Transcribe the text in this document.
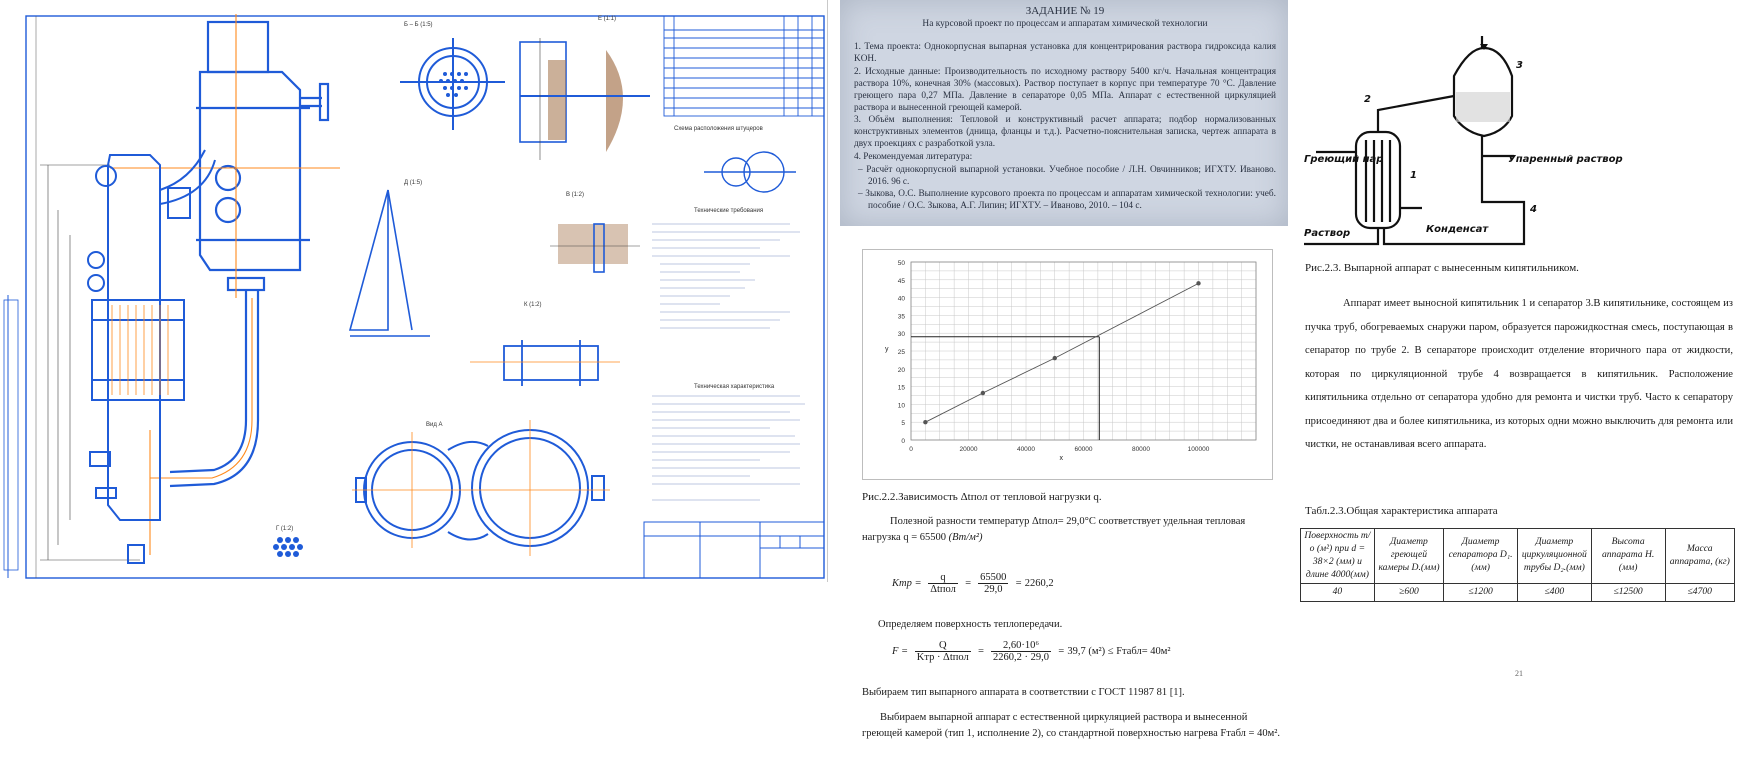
Б – Б (1:5)
Е (1:1)
Д (1:5)
В (1:2)
К (1:2)
Вид А
Г (1:2)
Технические требования
Техническая характеристика
Схема расположения штуцеров
ЗАДАНИЕ № 19
На курсовой проект по процессам и аппаратам химической технологии

1. Тема проекта: Однокорпусная выпарная установка для концентрирования раствора гидроксида калия KOH.

2. Исходные данные: Производительность по исходному раствору 5400 кг/ч. Начальная концентрация раствора 10%, конечная 30% (массовых). Раствор поступает в корпус при температуре 70 °C. Давление греющего пара 0,27 МПа. Давление в сепараторе 0,05 МПа. Аппарат с естественной циркуляцией раствора и вынесенной греющей камерой.

3. Объём выполнения: Тепловой и конструктивный расчет аппарата; подбор нормализованных конструктивных элементов (днища, фланцы и т.д.). Расчетно-пояснительная записка, чертеж аппарата в двух проекциях с разработкой узла.

4. Рекомендуемая литература:

– Расчёт однокорпусной выпарной установки. Учебное пособие / Л.Н. Овчинников; ИГХТУ. Иваново. 2016. 96 с.

– Зыкова, О.С. Выполнение курсового проекта по процессам и аппаратам химической технологии: учеб. пособие / О.С. Зыкова, А.Г. Липин; ИГХТУ. – Иваново, 2010. – 104 с.

0
5
10
15
20
25
30
35
40
45
50
0	20000	40000	60000	80000	100000
x
y
Рис.2.2.Зависимость Δtпол от тепловой нагрузки q.
Полезной разности температур Δtпол= 29,0°C соответствует удельная тепловая нагрузка q = 65500 (Вт/м²)
Kтр = $\frac{q}{\text{Δtпол}} = \frac{65500}{29,0} = 2260,2$
Определяем поверхность теплопередачи.
$F = \frac{Q}{\text{Kтр · Δtпол}} = \frac{\text{2,60·10⁶}}{2260,2 \cdot 29,0} = 39,7$ (м²) ≤ Fтабл= 40м²
Выбираем тип выпарного аппарата в соответствии с ГОСТ 11987 81 [1].
Выбираем выпарной аппарат с естественной циркуляцией раствора и вынесенной греющей камерой (тип 1, исполнение 2), со стандартной поверхностью нагрева Fтабл = 40м².
Греющий пар	Упаренный раствор
Раствор	Конденсат
1
2
3
4
Рис.2.3. Выпарной аппарат с вынесенным кипятильником.
Аппарат имеет выносной кипятильник 1 и сепаратор 3.В кипятильнике, состоящем из пучка труб, обогреваемых снаружи паром, образуется парожидкостная смесь, поступающая в сепаратор по трубе 2. В сепараторе происходит отделение вторичного пара от жидкости, которая по циркуляционной трубе 4 возвращается в кипятильник. Расположение кипятильника отдельно от сепаратора удобно для ремонта и чистки труб. Часто к сепаратору присоединяют два и более кипятильника, из которых одни можно выключить для ремонта или чистки, не останавливая всего аппарата.
Табл.2.3.Общая характеристика аппарата
Поверхность т/о (м²) при d = 38×2 (мм) и длине 4000(мм)	Диаметр греющей камеры D.(мм)	Диаметр сепаратора D₁.(мм)	Диаметр циркуляционной трубы D₂.(мм)	Высота аппарата H.(мм)	Масса аппарата, (кг)
40	≥600	≤1200	≤400	≤12500	≤4700
21
